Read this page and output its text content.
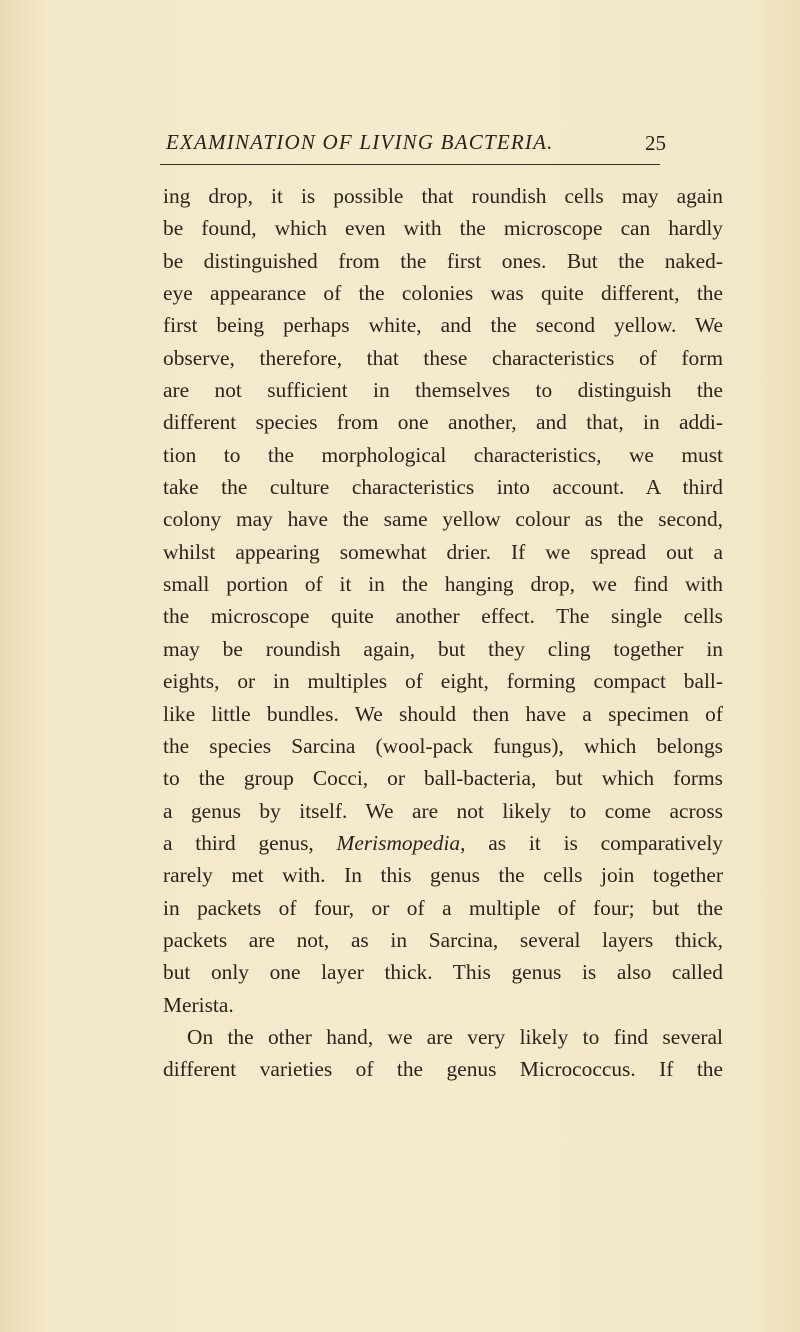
EXAMINATION OF LIVING BACTERIA.	25
ing drop, it is possible that roundish cells may again
be found, which even with the microscope can hardly
be distinguished from the first ones. But the naked-
eye appearance of the colonies was quite different, the
first being perhaps white, and the second yellow. We
observe, therefore, that these characteristics of form
are not sufficient in themselves to distinguish the
different species from one another, and that, in addi-
tion to the morphological characteristics, we must
take the culture characteristics into account. A third
colony may have the same yellow colour as the second,
whilst appearing somewhat drier. If we spread out a
small portion of it in the hanging drop, we find with
the microscope quite another effect. The single cells
may be roundish again, but they cling together in
eights, or in multiples of eight, forming compact ball-
like little bundles. We should then have a specimen of
the species Sarcina (wool-pack fungus), which belongs
to the group Cocci, or ball-bacteria, but which forms
a genus by itself. We are not likely to come across
a third genus, Merismopedia, as it is comparatively
rarely met with. In this genus the cells join together
in packets of four, or of a multiple of four; but the
packets are not, as in Sarcina, several layers thick,
but only one layer thick. This genus is also called
Merista.
On the other hand, we are very likely to find several
different varieties of the genus Micrococcus. If the
